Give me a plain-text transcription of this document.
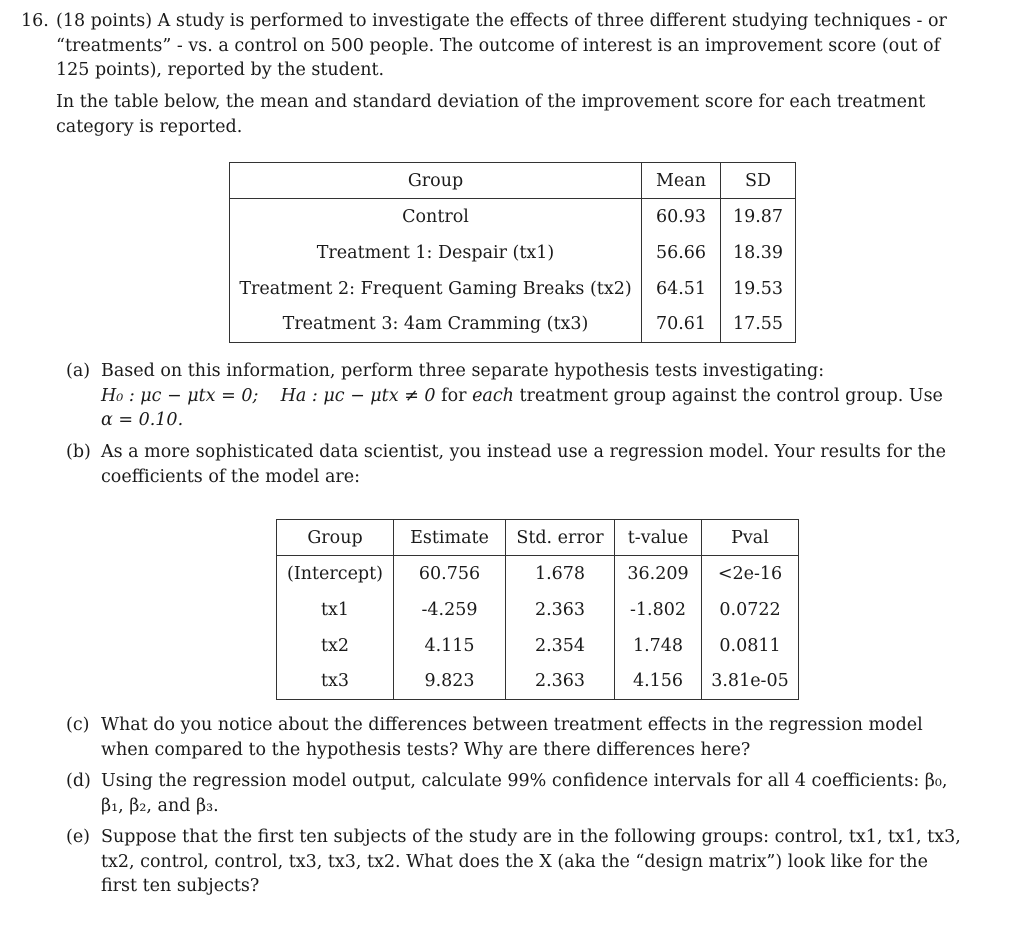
16. (18 points) A study is performed to investigate the effects of three different studying techniques - or “treatments” - vs. a control on 500 people. The outcome of interest is an improvement score (out of 125 points), reported by the student.

In the table below, the mean and standard deviation of the improvement score for each treatment category is reported.

Group	Mean	SD
Control	60.93	19.87
Treatment 1: Despair (tx1)	56.66	18.39
Treatment 2: Frequent Gaming Breaks (tx2)	64.51	19.53
Treatment 3: 4am Cramming (tx3)	70.61	17.55
(a) Based on this information, perform three separate hypothesis tests investigating:
H₀ : μc − μtx = 0; Ha : μc − μtx ≠ 0 for each treatment group against the control group. Use
α = 0.10.
(b) As a more sophisticated data scientist, you instead use a regression model. Your results for the coefficients of the model are:

Group	Estimate	Std. error	t-value	Pval
(Intercept)	60.756	1.678	36.209	<2e-16
tx1	-4.259	2.363	-1.802	0.0722
tx2	4.115	2.354	1.748	0.0811
tx3	9.823	2.363	4.156	3.81e-05
(c) What do you notice about the differences between treatment effects in the regression model when compared to the hypothesis tests? Why are there differences here?

(d) Using the regression model output, calculate 99% confidence intervals for all 4 coefficients: β₀, β₁, β₂, and β₃.

(e) Suppose that the first ten subjects of the study are in the following groups: control, tx1, tx1, tx3, tx2, control, control, tx3, tx3, tx2. What does the X (aka the “design matrix”) look like for the first ten subjects?
